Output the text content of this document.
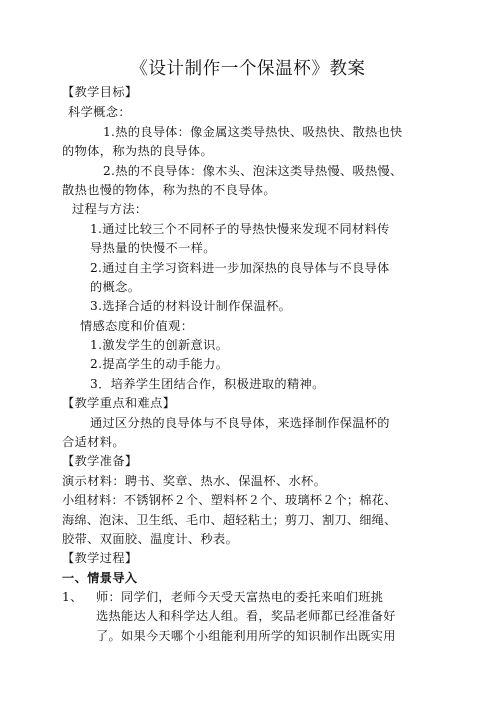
《设计制作一个保温杯》教案
【教学目标】
科学概念：
1.热的良导体：像金属这类导热快、吸热快、散热也快
的物体，称为热的良导体。
2.热的不良导体：像木头、泡沫这类导热慢、吸热慢、
散热也慢的物体，称为热的不良导体。
过程与方法：
1.通过比较三个不同杯子的导热快慢来发现不同材料传
导热量的快慢不一样。
2.通过自主学习资料进一步加深热的良导体与不良导体
的概念。
3.选择合适的材料设计制作保温杯。
情感态度和价值观：
1.激发学生的创新意识。
2.提高学生的动手能力。
3．培养学生团结合作，积极进取的精神。
【教学重点和难点】
通过区分热的良导体与不良导体，来选择制作保温杯的
合适材料。
【教学准备】
演示材料：聘书、奖章、热水、保温杯、水杯。
小组材料：不锈钢杯２个、塑料杯２个、玻璃杯２个；棉花、
海绵、泡沫、卫生纸、毛巾、超轻粘土；剪刀、割刀、细绳、
胶带、双面胶、温度计、秒表。
【教学过程】
一、情景导入
1、 师：同学们，老师今天受天富热电的委托来咱们班挑
选热能达人和科学达人组。看，奖品老师都已经准备好
了。如果今天哪个小组能利用所学的知识制作出既实用
